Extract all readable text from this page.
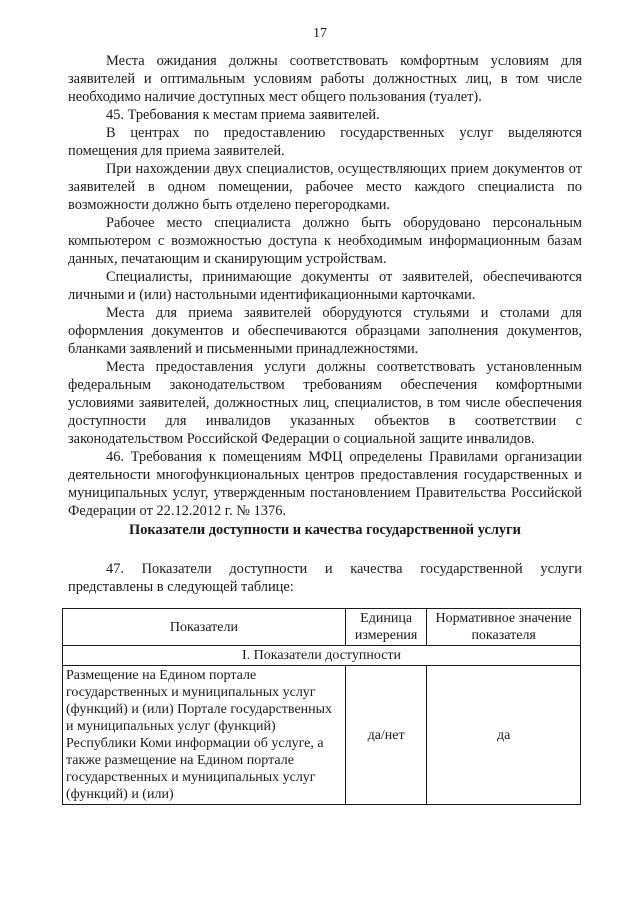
17

Места ожидания должны соответствовать комфортным условиям для заявителей и оптимальным условиям работы должностных лиц, в том числе необходимо наличие доступных мест общего пользования (туалет).

45. Требования к местам приема заявителей.

В центрах по предоставлению государственных услуг выделяются помещения для приема заявителей.

При нахождении двух специалистов, осуществляющих прием документов от заявителей в одном помещении, рабочее место каждого специалиста по возможности должно быть отделено перегородками.

Рабочее место специалиста должно быть оборудовано персональным компьютером с возможностью доступа к необходимым информационным базам данных, печатающим и сканирующим устройствам.

Специалисты, принимающие документы от заявителей, обеспечиваются личными и (или) настольными идентификационными карточками.

Места для приема заявителей оборудуются стульями и столами для оформления документов и обеспечиваются образцами заполнения документов, бланками заявлений и письменными принадлежностями.

Места предоставления услуги должны соответствовать установленным федеральным законодательством требованиям обеспечения комфортными условиями заявителей, должностных лиц, специалистов, в том числе обеспечения доступности для инвалидов указанных объектов в соответствии с законодательством Российской Федерации о социальной защите инвалидов.

46. Требования к помещениям МФЦ определены Правилами организации деятельности многофункциональных центров предоставления государственных и муниципальных услуг, утвержденным постановлением Правительства Российской Федерации от 22.12.2012 г. № 1376.

Показатели доступности и качества государственной услуги

47. Показатели доступности и качества государственной услуги представлены в следующей таблице:

Показатели	Единица измерения	Нормативное значение показателя
I. Показатели доступности		
Размещение на Едином портале государственных и муниципальных услуг (функций) и (или) Портале государственных и муниципальных услуг (функций) Республики Коми информации об услуге, а также размещение на Едином портале государственных и муниципальных услуг (функций) и (или)	да/нет	да
